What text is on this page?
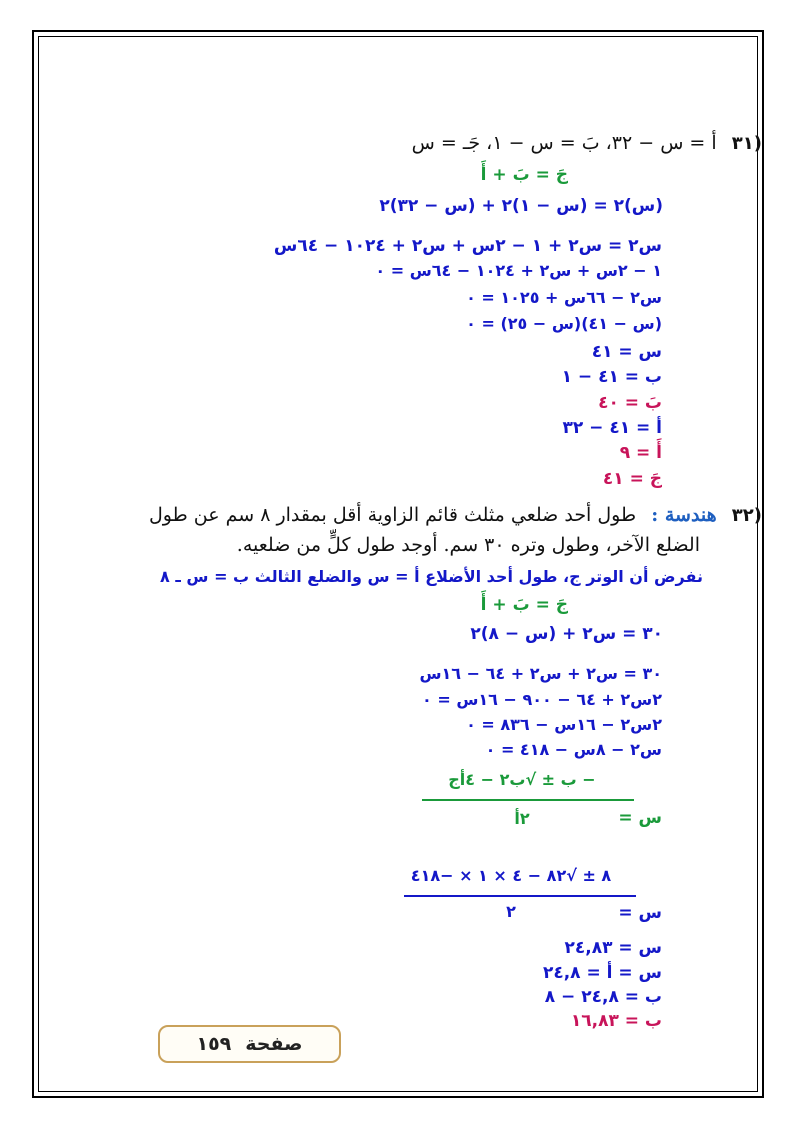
(٣١ أ = س − ٣٢، بَ = س − ١، جَـ = س
جَ = بَ + أَ
(س)٢ = (س − ١)٢ + (س − ٣٢)٢
س٢ = س٢ + ١ − ٢س + س٢ + ١٠٢٤ − ٦٤س
١ − ٢س + س٢ + ١٠٢٤ − ٦٤س = ٠
س٢ − ٦٦س + ١٠٢٥ = ٠
(س − ٤١)(س − ٢٥) = ٠
س = ٤١
ب = ٤١ − ١
بَ = ٤٠
أ = ٤١ − ٣٢
أَ = ٩
جَ = ٤١
(٣٢ هندسة : طول أحد ضلعي مثلث قائم الزاوية أقل بمقدار ٨ سم عن طول
الضلع الآخر، وطول وتره ٣٠ سم. أوجد طول كلٍّ من ضلعيه.
نفرض أن الوتر ج، طول أحد الأضلاع أ = س والضلع الثالث ب = س ـ ٨
جَ = بَ + أَ
٣٠ = س٢ + (س − ٨)٢
٣٠ = س٢ + س٢ + ٦٤ − ١٦س
٢س٢ + ٦٤ − ٩٠٠ − ١٦س = ٠
٢س٢ − ١٦س − ٨٣٦ = ٠
س٢ − ٨س − ٤١٨ = ٠
س =
− ب ± √ب٢ − ٤أج
٢أ
س =
٨ ± √٨٢ − ٤ × ١ × −٤١٨
٢
س = ٢٤,٨٣
س = أ = ٢٤,٨
ب = ٢٤,٨ − ٨
ب = ١٦,٨٣
صفحة
١٥٩
